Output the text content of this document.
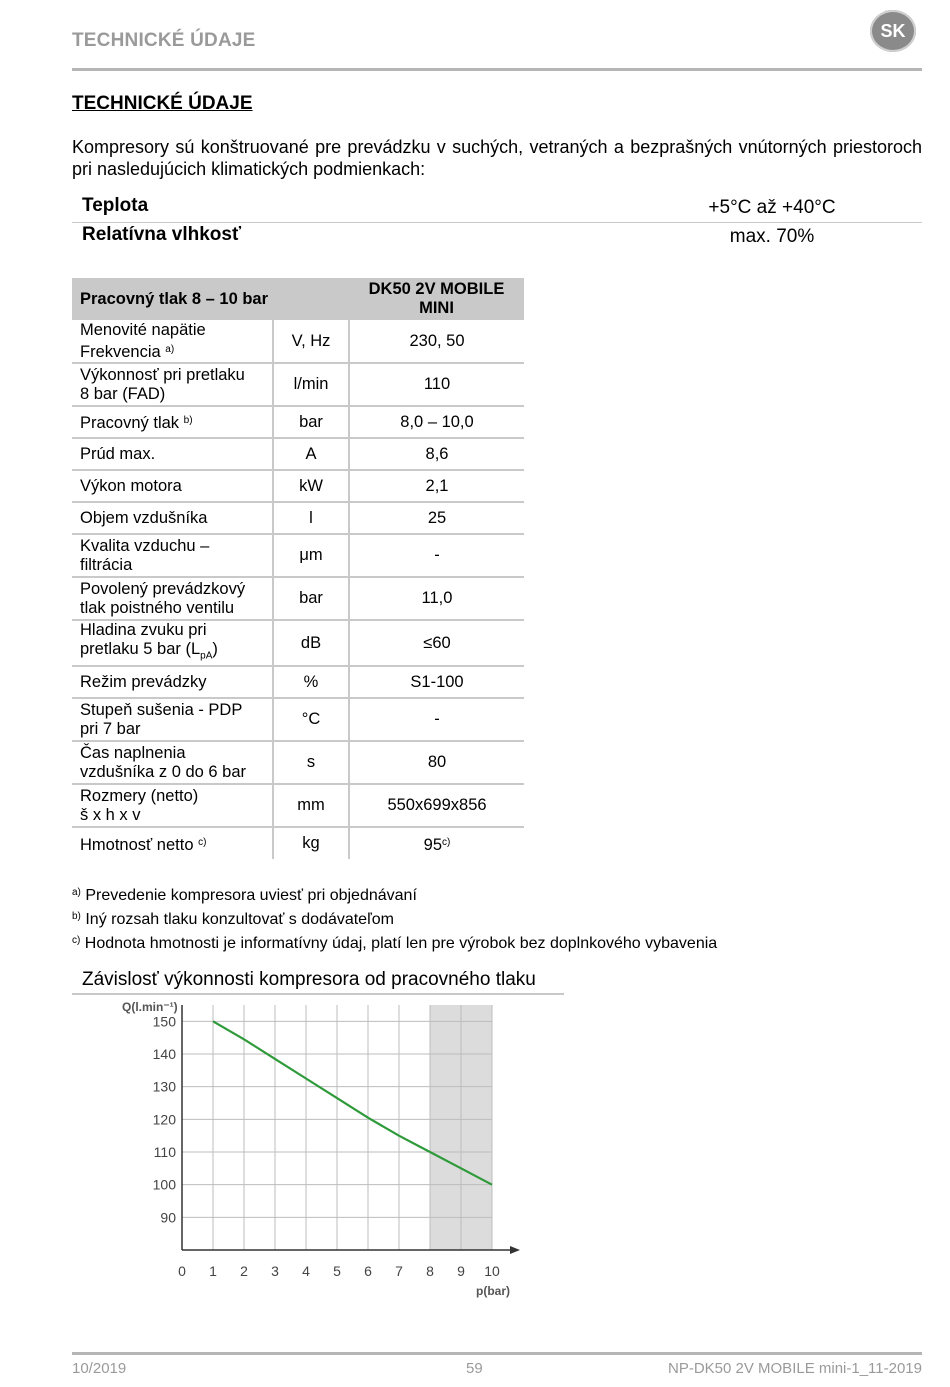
TECHNICKÉ ÚDAJE	SK
TECHNICKÉ ÚDAJE
Kompresory sú konštruované pre prevádzku v suchých, vetraných a bezprašných vnútorných priestoroch pri nasledujúcich klimatických podmienkach:
Teplota	+5°C až +40°C
Relatívna vlhkosť	max. 70%
Pracovný tlak 8 – 10 bar		DK50 2V MOBILE MINI
Menovité napätie
Frekvencia $^{a)}$	V, Hz	230, 50
Výkonnosť pri pretlaku
8 bar (FAD)	l/min	110
Pracovný tlak $^{b)}$	bar	8,0 – 10,0
Prúd max.	A	8,6
Výkon motora	kW	2,1
Objem vzdušníka	l	25
Kvalita vzduchu –
filtrácia	μm	-
Povolený prevádzkový
tlak poistného ventilu	bar	11,0
Hladina zvuku pri
pretlaku 5 bar $(L_{pA})$	dB	≤60
Režim prevádzky	%	S1-100
Stupeň sušenia - PDP
pri 7 bar	°C	-
Čas naplnenia
vzdušníka z 0 do 6 bar	s	80
Rozmery (netto)
š x h x v	mm	550x699x856
Hmotnosť netto $^{c)}$	kg	95$^{c)}$
$^{a)}$ Prevedenie kompresora uviesť pri objednávaní
$^{b)}$ Iný rozsah tlaku konzultovať s dodávateľom
$^{c)}$ Hodnota hmotnosti je informatívny údaj, platí len pre výrobok bez doplnkového vybavenia
Závislosť výkonnosti kompresora od pracovného tlaku
0 1 2 3 4 5 6 7 8 9 10
90
100
110
120
130
140
150
Q(l.min⁻¹)
p(bar)
10/2019	59	NP-DK50 2V MOBILE mini-1_11-2019
